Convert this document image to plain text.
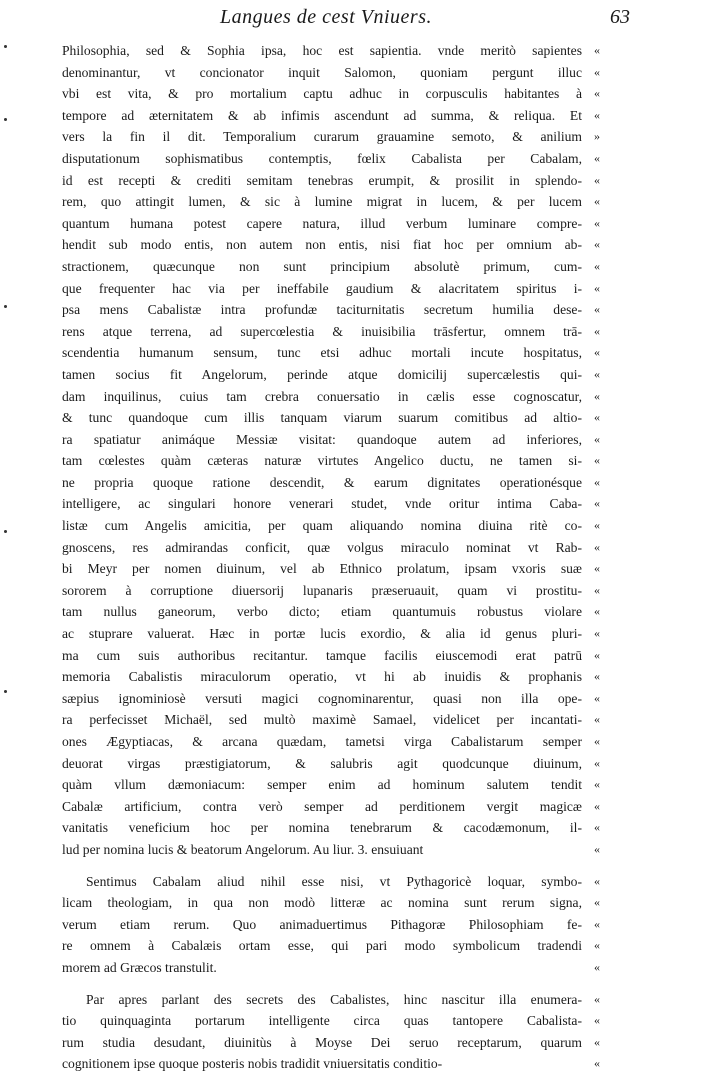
Langues de cest Vniuers.	63
Philosophia, sed & Sophia ipsa, hoc est sapientia. vnde meritò sapientes
denominantur, vt concionator inquit Salomon, quoniam pergunt illuc
vbi est vita, & pro mortalium captu adhuc in corpusculis habitantes à
tempore ad æternitatem & ab infimis ascendunt ad summa, & reliqua. Et
vers la fin il dit. Temporalium curarum grauamine semoto, & anilium
disputationum sophismatibus contemptis, fœlix Cabalista per Cabalam,
id est recepti & crediti semitam tenebras erumpit, & prosilit in splendo-
rem, quo attingit lumen, & sic à lumine migrat in lucem, & per lucem
quantum humana potest capere natura, illud verbum luminare compre-
hendit sub modo entis, non autem non entis, nisi fiat hoc per omnium ab-
stractionem, quæcunque non sunt principium absolutè primum, cum-
que frequenter hac via per ineffabile gaudium & alacritatem spiritus i-
psa mens Cabalistæ intra profundæ taciturnitatis secretum humilia dese-
rens atque terrena, ad supercœlestia & inuisibilia trāsfertur, omnem trā-
scendentia humanum sensum, tunc etsi adhuc mortali incute hospitatus,
tamen socius fit Angelorum, perinde atque domicilij supercælestis qui-
dam inquilinus, cuius tam crebra conuersatio in cælis esse cognoscatur,
& tunc quandoque cum illis tanquam viarum suarum comitibus ad altio-
ra spatiatur animáque Messiæ visitat: quandoque autem ad inferiores,
tam cœlestes quàm cæteras naturæ virtutes Angelico ductu, ne tamen si-
ne propria quoque ratione descendit, & earum dignitates operationésque
intelligere, ac singulari honore venerari studet, vnde oritur intima Caba-
listæ cum Angelis amicitia, per quam aliquando nomina diuina ritè co-
gnoscens, res admirandas conficit, quæ volgus miraculo nominat vt Rab-
bi Meyr per nomen diuinum, vel ab Ethnico prolatum, ipsam vxoris suæ
sororem à corruptione diuersorij lupanaris præseruauit, quam vi prostitu-
tam nullus ganeorum, verbo dicto; etiam quantumuis robustus violare
ac stuprare valuerat. Hæc in portæ lucis exordio, & alia id genus pluri-
ma cum suis authoribus recitantur. tamque facilis eiuscemodi erat patrū
memoria Cabalistis miraculorum operatio, vt hi ab inuidis & prophanis
sæpius ignominiosè versuti magici cognominarentur, quasi non illa ope-
ra perfecisset Michaël, sed multò maximè Samael, videlicet per incantati-
ones Ægyptiacas, & arcana quædam, tametsi virga Cabalistarum semper
deuorat virgas præstigiatorum, & salubris agit quodcunque diuinum,
quàm vllum dæmoniacum: semper enim ad hominum salutem tendit
Cabalæ artificium, contra verò semper ad perditionem vergit magicæ
vanitatis veneficium hoc per nomina tenebrarum & cacodæmonum, il-
lud per nomina lucis & beatorum Angelorum. Au liur. 3. ensuiuant
Sentimus Cabalam aliud nihil esse nisi, vt Pythagoricè loquar, symbo-
licam theologiam, in qua non modò litteræ ac nomina sunt rerum signa,
verum etiam rerum. Quo animaduertimus Pithagoræ Philosophiam fe-
re omnem à Cabalæis ortam esse, qui pari modo symbolicum tradendi
morem ad Græcos transtulit.
Par apres parlant des secrets des Cabalistes, hinc nascitur illa enumera-
tio quinquaginta portarum intelligente circa quas tantopere Cabalista-
rum studia desudant, diuinitùs à Moyse Dei seruo receptarum, quarum
cognitionem ipse quoque posteris nobis tradidit vniuersitatis conditio-
«
«
«
«
»
«
«
«
«
«
«
«
«
«
«
«
«
«
«
«
«
«
«
«
«
«
«
«
«
«
«
«
«
«
«
«
«
«
«
«
«
«
«
«
«
«
«
